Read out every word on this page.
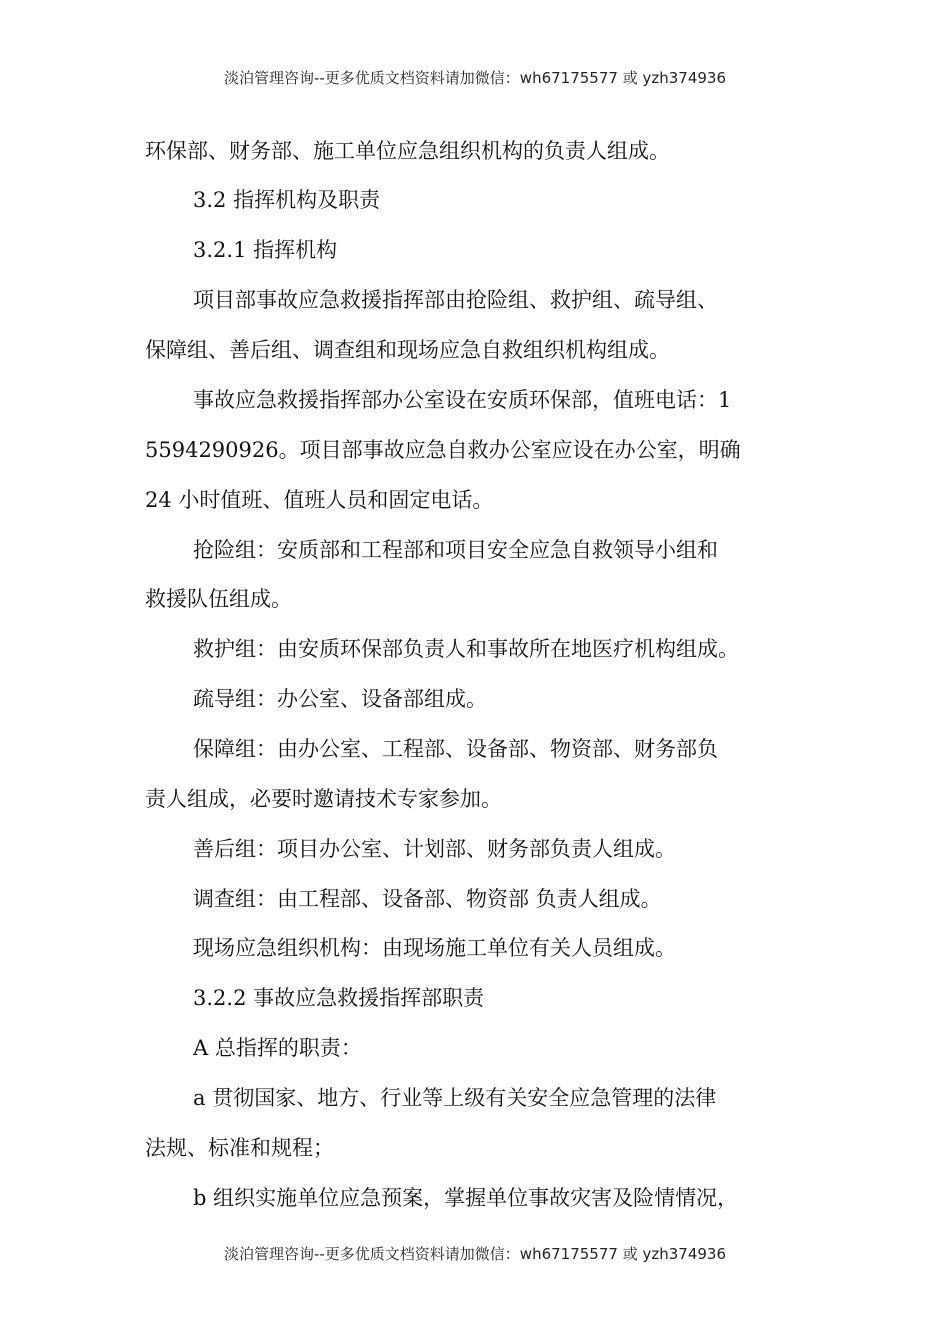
淡泊管理咨询--更多优质文档资料请加微信：wh67175577 或 yzh374936
环保部、财务部、施工单位应急组织机构的负责人组成。
3.2 指挥机构及职责
3.2.1 指挥机构
项目部事故应急救援指挥部由抢险组、救护组、疏导组、
保障组、善后组、调查组和现场应急自救组织机构组成。
事故应急救援指挥部办公室设在安质环保部，值班电话：1
5594290926。项目部事故应急自救办公室应设在办公室，明确
24 小时值班、值班人员和固定电话。
抢险组：安质部和工程部和项目安全应急自救领导小组和
救援队伍组成。
救护组：由安质环保部负责人和事故所在地医疗机构组成。
疏导组：办公室、设备部组成。
保障组：由办公室、工程部、设备部、物资部、财务部负
责人组成，必要时邀请技术专家参加。
善后组：项目办公室、计划部、财务部负责人组成。
调查组：由工程部、设备部、物资部 负责人组成。
现场应急组织机构：由现场施工单位有关人员组成。
3.2.2 事故应急救援指挥部职责
A 总指挥的职责：
a 贯彻国家、地方、行业等上级有关安全应急管理的法律
法规、标准和规程；
b 组织实施单位应急预案，掌握单位事故灾害及险情情况，
淡泊管理咨询--更多优质文档资料请加微信：wh67175577 或 yzh374936
